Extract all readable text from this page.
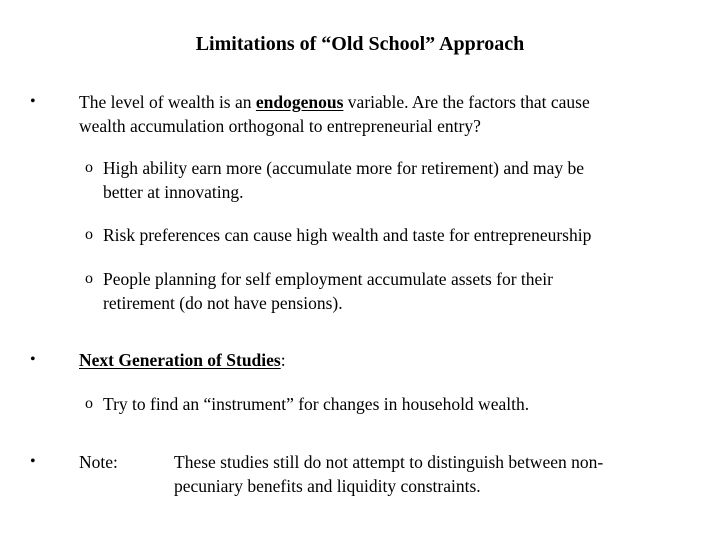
Limitations of “Old School” Approach
• The level of wealth is an endogenous variable. Are the factors that cause
wealth accumulation orthogonal to entrepreneurial entry?
o High ability earn more (accumulate more for retirement) and may be
better at innovating.
o Risk preferences can cause high wealth and taste for entrepreneurship
o People planning for self employment accumulate assets for their
retirement (do not have pensions).
• Next Generation of Studies:
o Try to find an “instrument” for changes in household wealth.
• Note:	These studies still do not attempt to distinguish between non-
pecuniary benefits and liquidity constraints.
